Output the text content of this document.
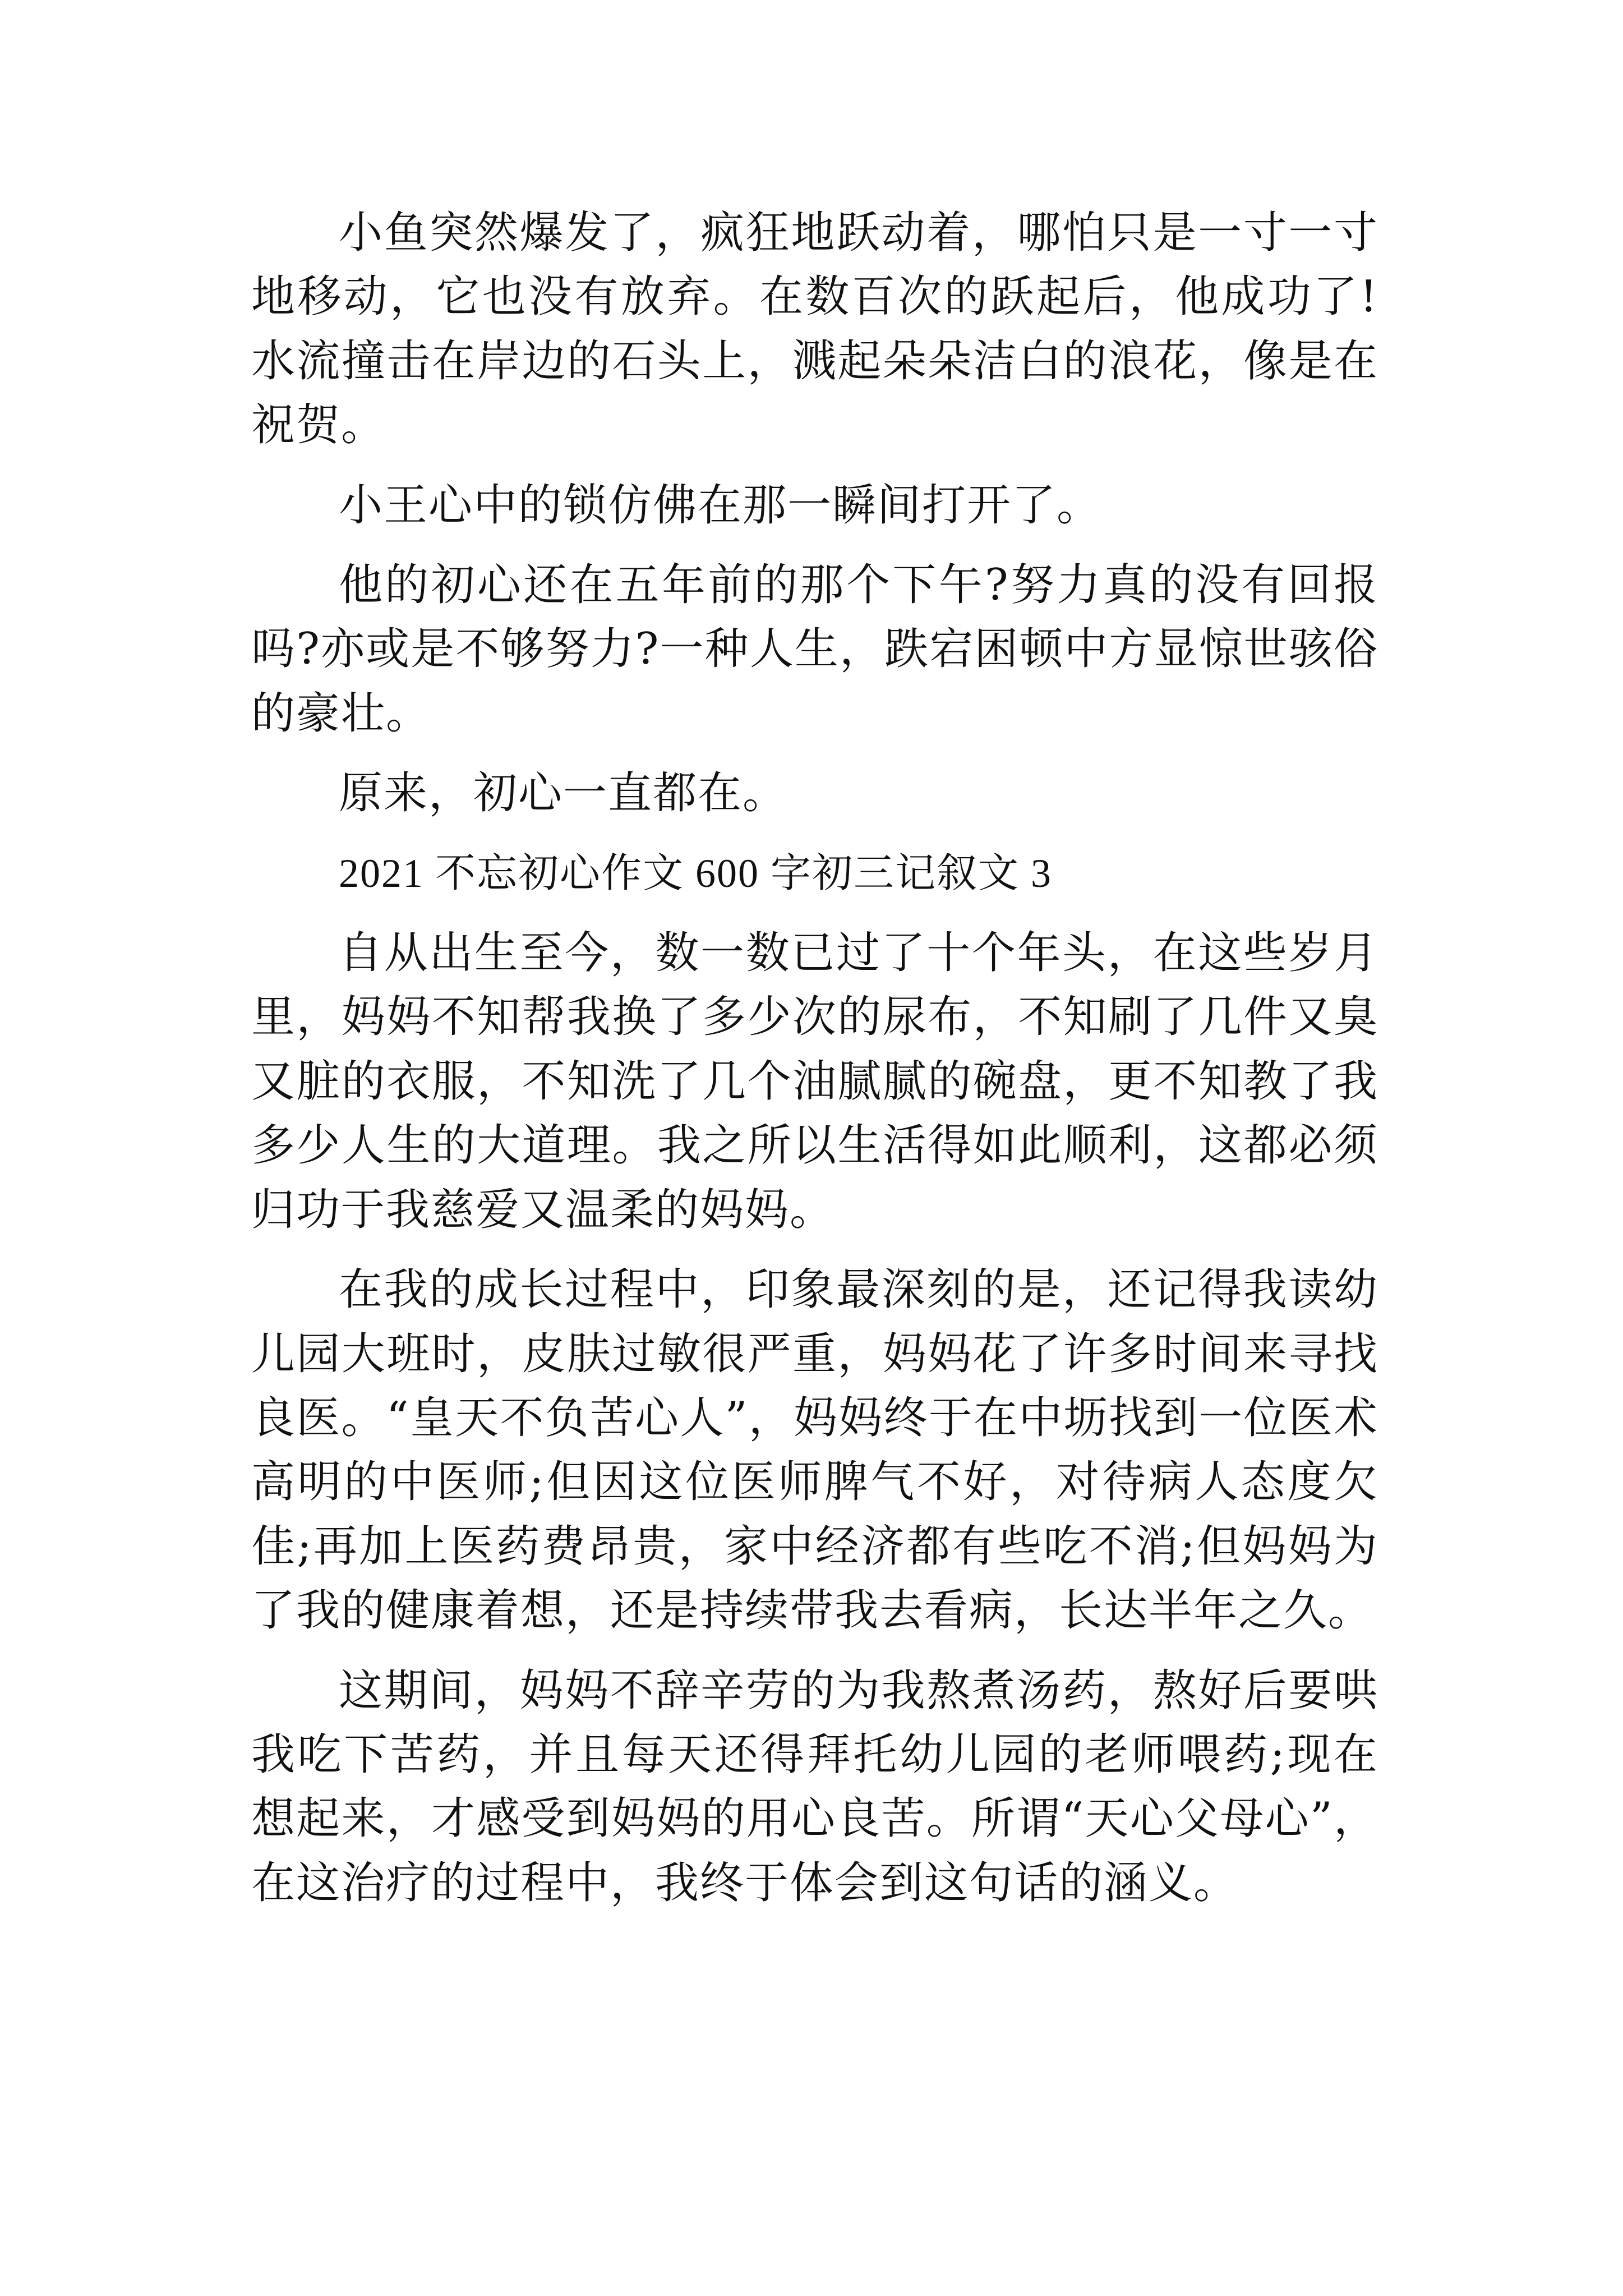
小鱼突然爆发了，疯狂地跃动着，哪怕只是一寸一寸地移动，它也没有放弃。在数百次的跃起后，他成功了!水流撞击在岸边的石头上，溅起朵朵洁白的浪花，像是在祝贺。

小王心中的锁仿佛在那一瞬间打开了。

他的初心还在五年前的那个下午?努力真的没有回报吗?亦或是不够努力?一种人生，跌宕困顿中方显惊世骇俗的豪壮。

原来，初心一直都在。

2021 不忘初心作文 600 字初三记叙文 3

自从出生至今，数一数已过了十个年头，在这些岁月里，妈妈不知帮我换了多少次的尿布，不知刷了几件又臭又脏的衣服，不知洗了几个油腻腻的碗盘，更不知教了我多少人生的大道理。我之所以生活得如此顺利，这都必须归功于我慈爱又温柔的妈妈。

在我的成长过程中，印象最深刻的是，还记得我读幼儿园大班时，皮肤过敏很严重，妈妈花了许多时间来寻找良医。“皇天不负苦心人”，妈妈终于在中坜找到一位医术高明的中医师;但因这位医师脾气不好，对待病人态度欠佳;再加上医药费昂贵，家中经济都有些吃不消;但妈妈为了我的健康着想，还是持续带我去看病，长达半年之久。

这期间，妈妈不辞辛劳的为我熬煮汤药，熬好后要哄我吃下苦药，并且每天还得拜托幼儿园的老师喂药;现在想起来，才感受到妈妈的用心良苦。所谓“天心父母心”，在这治疗的过程中，我终于体会到这句话的涵义。
